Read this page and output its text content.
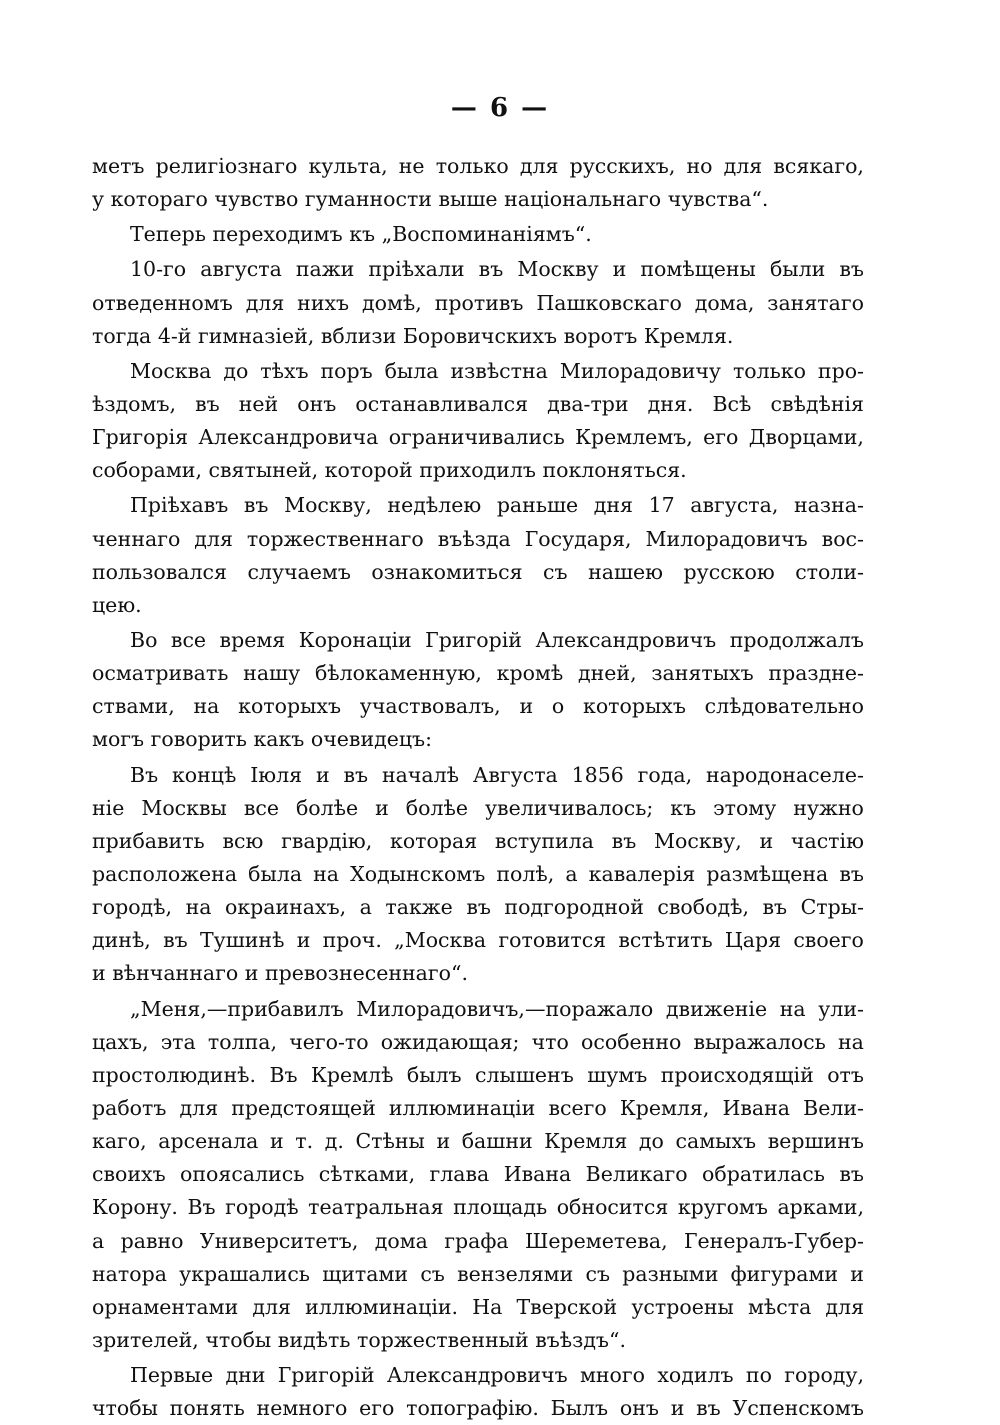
— 6 —
метъ религіознаго культа, не только для русскихъ, но для всякаго,
у котораго чувство гуманности выше національнаго чувства“.
Теперь переходимъ къ „Воспоминаніямъ“.
10-го августа пажи пріѣхали въ Москву и помѣщены были въ
отведенномъ для нихъ домѣ, противъ Пашковскаго дома, занятаго
тогда 4-й гимназіей, вблизи Боровичскихъ воротъ Кремля.
Москва до тѣхъ поръ была извѣстна Милорадовичу только про-
ѣздомъ, въ ней онъ останавливался два-три дня. Всѣ свѣдѣнія
Григорія Александровича ограничивались Кремлемъ, его Дворцами,
соборами, святыней, которой приходилъ поклоняться.
Пріѣхавъ въ Москву, недѣлею раньше дня 17 августа, назна-
ченнаго для торжественнаго въѣзда Государя, Милорадовичъ вос-
пользовался случаемъ ознакомиться съ нашею русскою столи-
цею.
Во все время Коронаціи Григорій Александровичъ продолжалъ
осматривать нашу бѣлокаменную, кромѣ дней, занятыхъ праздне-
ствами, на которыхъ участвовалъ, и о которыхъ слѣдовательно
могъ говорить какъ очевидецъ:
Въ концѣ Іюля и въ началѣ Августа 1856 года, народонаселе-
ніе Москвы все болѣе и болѣе увеличивалось; къ этому нужно
прибавить всю гвардію, которая вступила въ Москву, и частію
расположена была на Ходынскомъ полѣ, а кавалерія размѣщена въ
городѣ, на окраинахъ, а также въ подгородной свободѣ, въ Стры-
динѣ, въ Тушинѣ и проч. „Москва готовится встѣтить Царя своего
и вѣнчаннаго и превознесеннаго“.
„Меня,—прибавилъ Милорадовичъ,—поражало движеніе на ули-
цахъ, эта толпа, чего-то ожидающая; что особенно выражалось на
простолюдинѣ. Въ Кремлѣ былъ слышенъ шумъ происходящій отъ
работъ для предстоящей иллюминаціи всего Кремля, Ивана Вели-
каго, арсенала и т. д. Стѣны и башни Кремля до самыхъ вершинъ
своихъ опоясались сѣтками, глава Ивана Великаго обратилась въ
Корону. Въ городѣ театральная площадь обносится кругомъ арками,
а равно Университетъ, дома графа Шереметева, Генералъ-Губер-
натора украшались щитами съ вензелями съ разными фигурами и
орнаментами для иллюминаціи. На Тверской устроены мѣста для
зрителей, чтобы видѣть торжественный въѣздъ“.
Первые дни Григорій Александровичъ много ходилъ по городу,
чтобы понять немного его топографію. Былъ онъ и въ Успенскомъ
